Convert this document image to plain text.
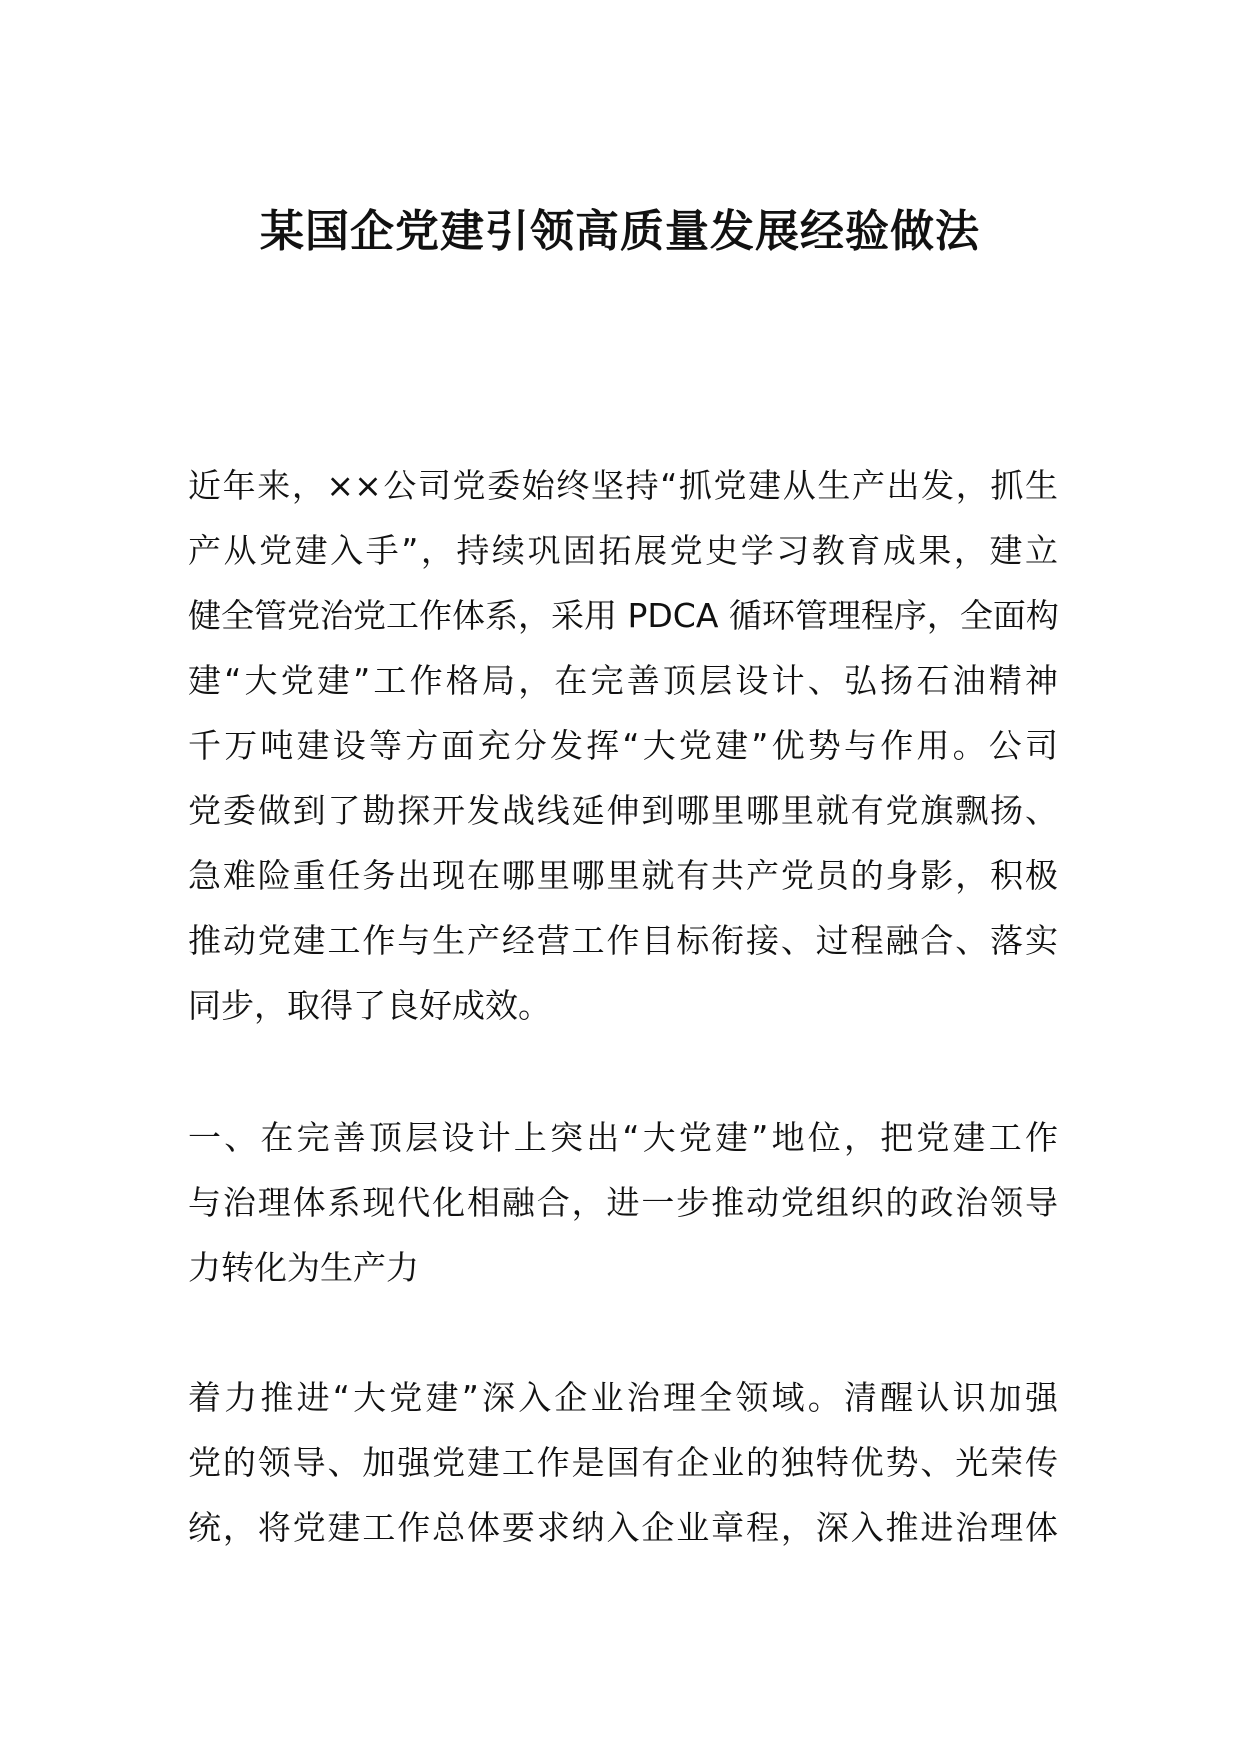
某国企党建引领高质量发展经验做法
近年来，××公司党委始终坚持“抓党建从生产出发，抓生
产从党建入手”，持续巩固拓展党史学习教育成果，建立
健全管党治党工作体系，采用 PDCA 循环管理程序，全面构
建“大党建”工作格局，在完善顶层设计、弘扬石油精神
千万吨建设等方面充分发挥“大党建”优势与作用。公司
党委做到了勘探开发战线延伸到哪里哪里就有党旗飘扬、
急难险重任务出现在哪里哪里就有共产党员的身影，积极
推动党建工作与生产经营工作目标衔接、过程融合、落实
同步，取得了良好成效。
一、在完善顶层设计上突出“大党建”地位，把党建工作
与治理体系现代化相融合，进一步推动党组织的政治领导
力转化为生产力
着力推进“大党建”深入企业治理全领域。清醒认识加强
党的领导、加强党建工作是国有企业的独特优势、光荣传
统，将党建工作总体要求纳入企业章程，深入推进治理体
